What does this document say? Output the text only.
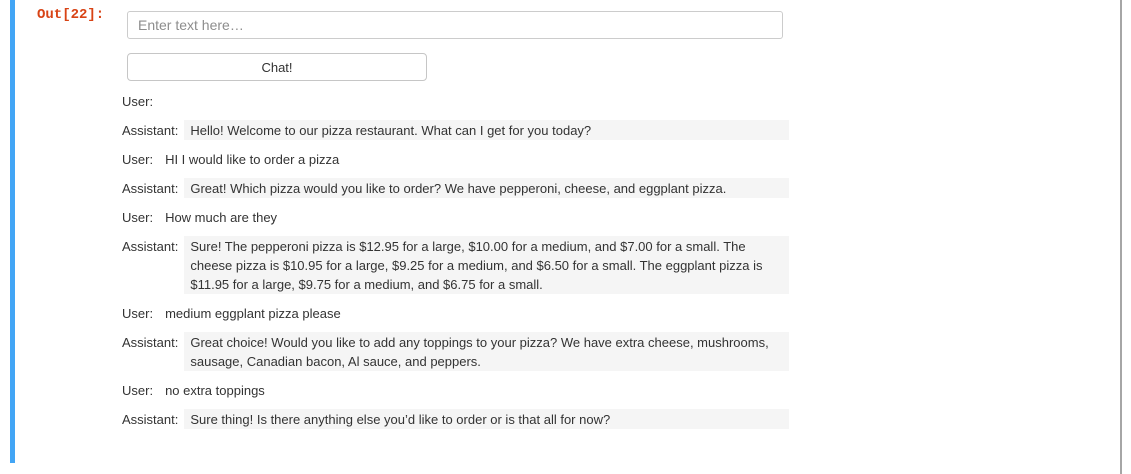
Out[22]:
Enter text here…
Chat!
User:
Assistant: Hello! Welcome to our pizza restaurant. What can I get for you today?
User: HI I would like to order a pizza
Assistant: Great! Which pizza would you like to order? We have pepperoni, cheese, and eggplant pizza.
User: How much are they
Assistant: Sure! The pepperoni pizza is $12.95 for a large, $10.00 for a medium, and $7.00 for a small. The cheese pizza is $10.95 for a large, $9.25 for a medium, and $6.50 for a small. The eggplant pizza is $11.95 for a large, $9.75 for a medium, and $6.75 for a small.
User: medium eggplant pizza please
Assistant: Great choice! Would you like to add any toppings to your pizza? We have extra cheese, mushrooms, sausage, Canadian bacon, Al sauce, and peppers.
User: no extra toppings
Assistant: Sure thing! Is there anything else you’d like to order or is that all for now?
